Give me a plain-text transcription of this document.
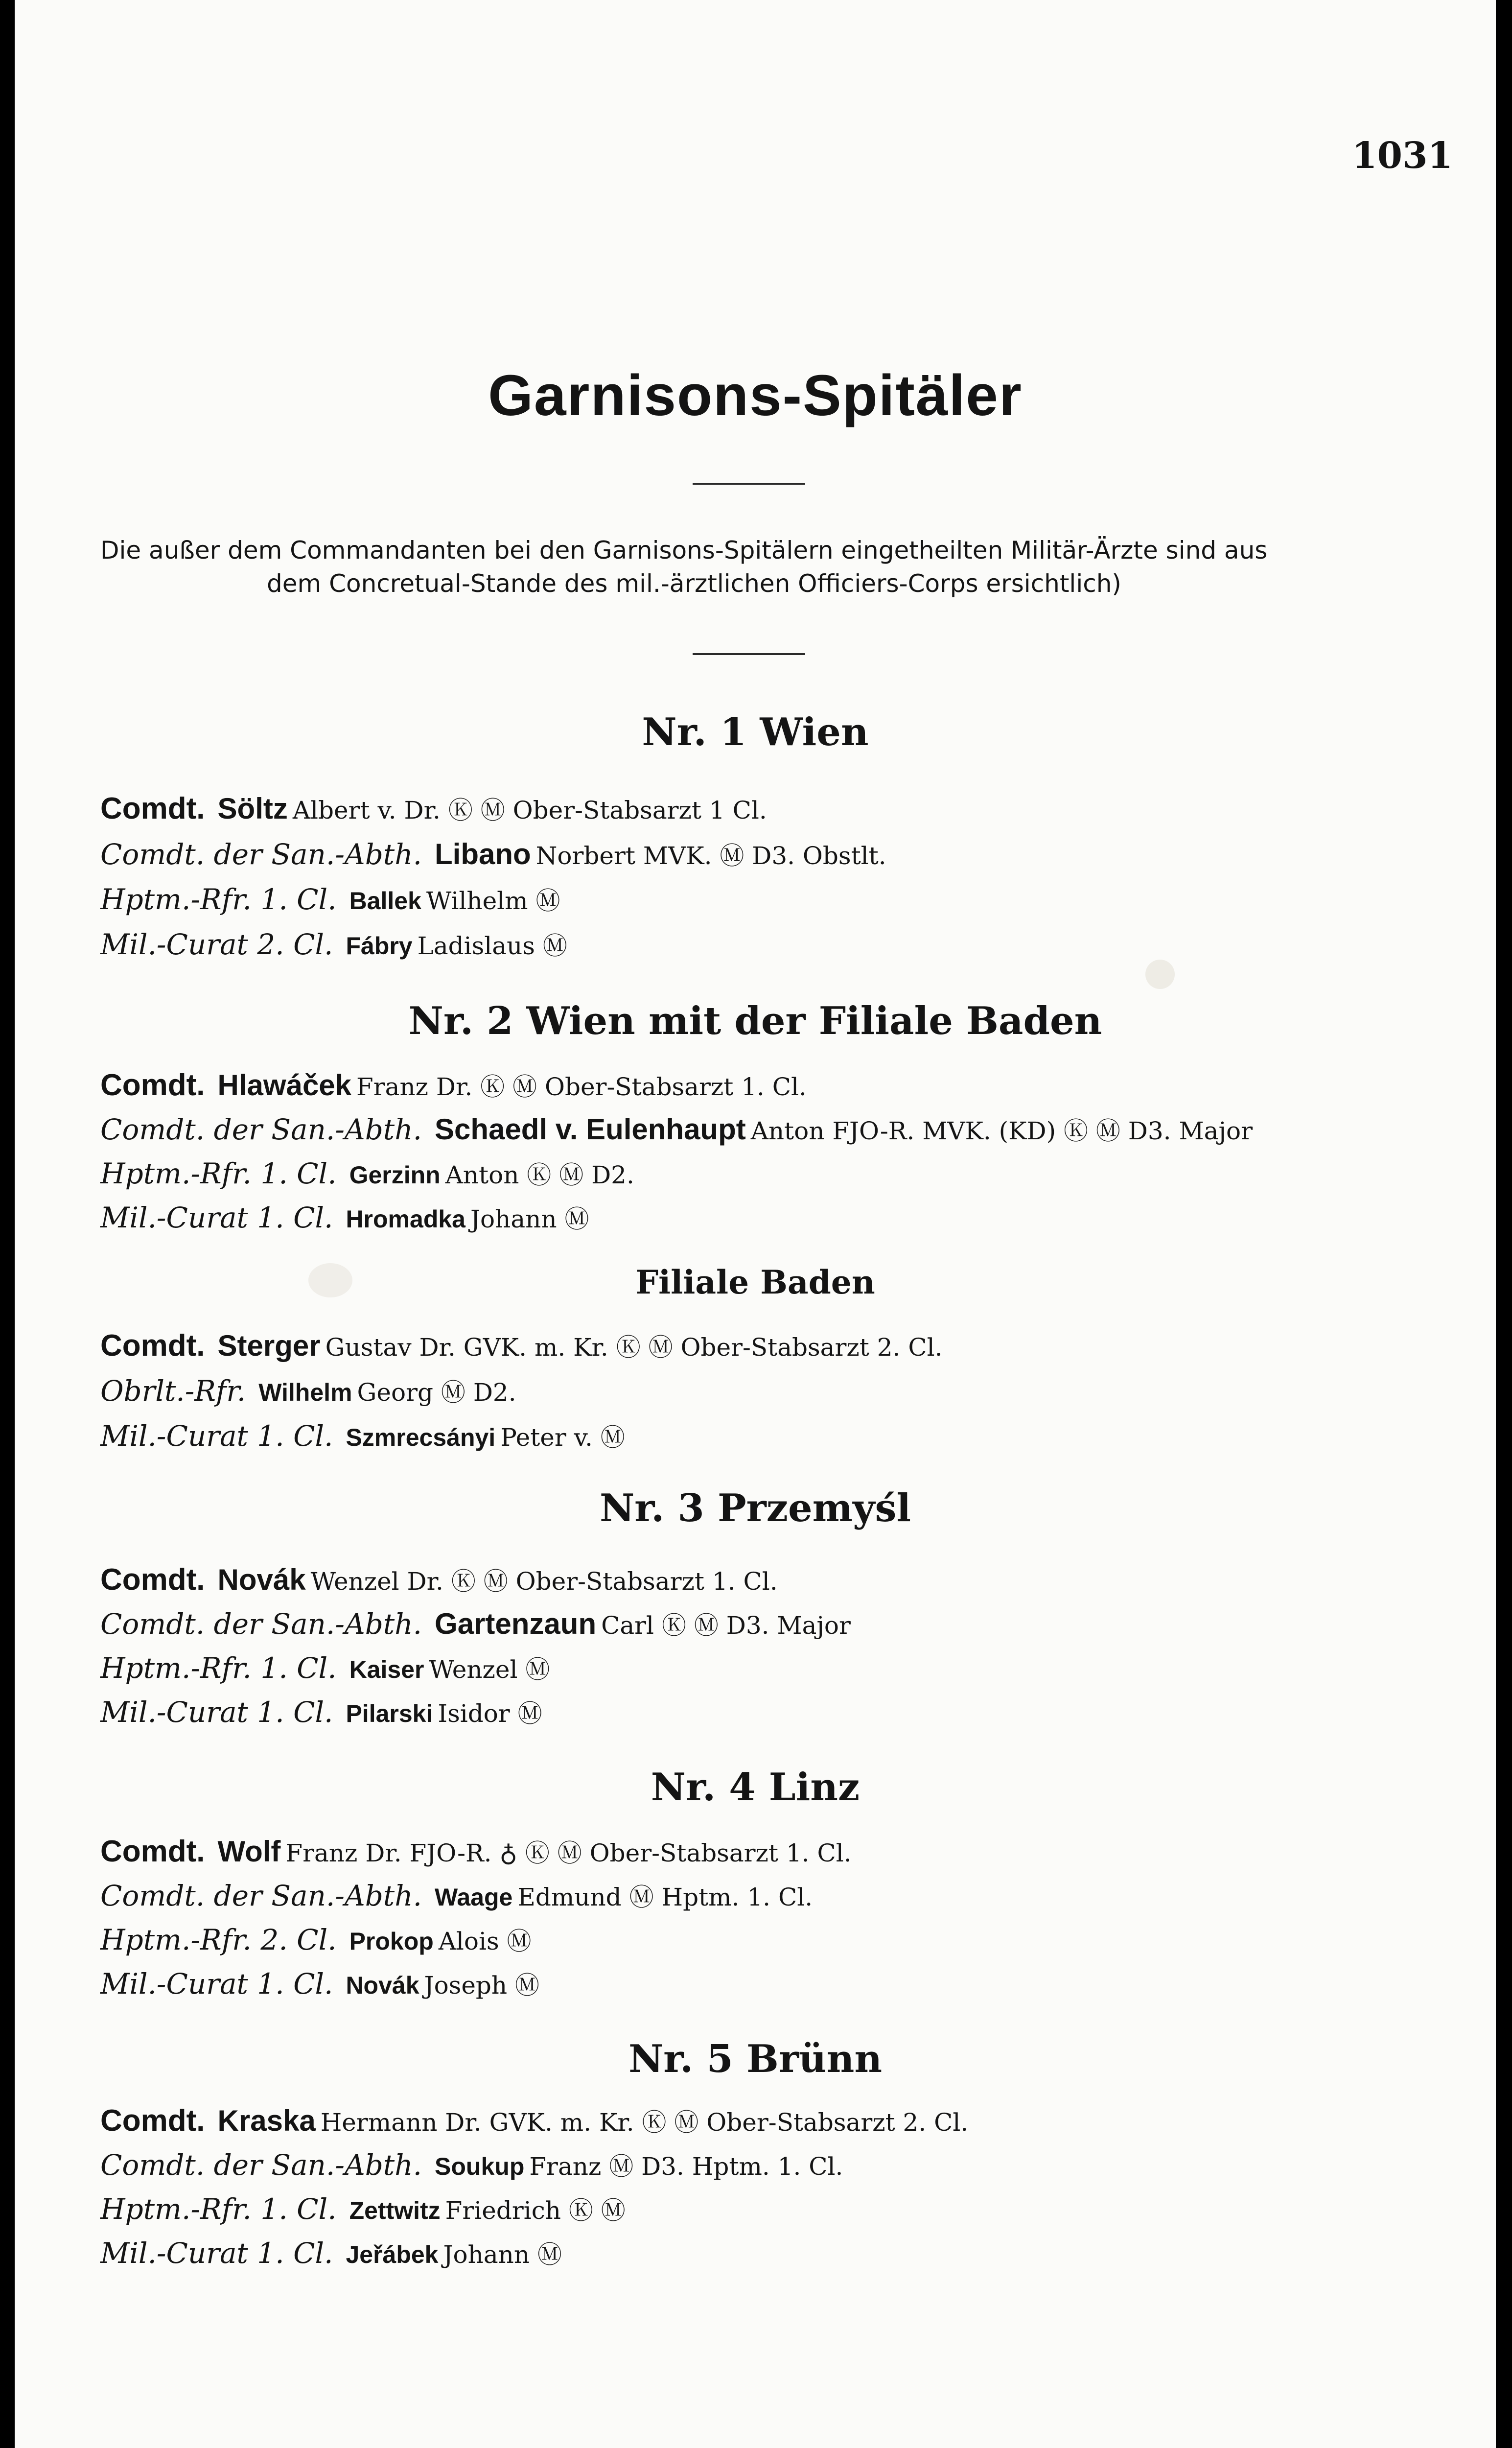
1031
Garnisons-Spitäler
Die außer dem Commandanten bei den Garnisons-Spitälern eingetheilten Militär-Ärzte sind aus
dem Concretual-Stande des mil.-ärztlichen Officiers-Corps ersichtlich)
Nr. 1 Wien
Comdt. Söltz Albert v. Dr. Ⓚ Ⓜ Ober-Stabsarzt 1 Cl.
Comdt. der San.-Abth. Libano Norbert MVK. Ⓜ D3. Obstlt.
Hptm.-Rfr. 1. Cl. Ballek Wilhelm Ⓜ
Mil.-Curat 2. Cl. Fábry Ladislaus Ⓜ
Nr. 2 Wien mit der Filiale Baden
Comdt. Hlawáček Franz Dr. Ⓚ Ⓜ Ober-Stabsarzt 1. Cl.
Comdt. der San.-Abth. Schaedl v. Eulenhaupt Anton FJO-R. MVK. (KD) Ⓚ Ⓜ D3. Major
Hptm.-Rfr. 1. Cl. Gerzinn Anton Ⓚ Ⓜ D2.
Mil.-Curat 1. Cl. Hromadka Johann Ⓜ
Filiale Baden
Comdt. Sterger Gustav Dr. GVK. m. Kr. Ⓚ Ⓜ Ober-Stabsarzt 2. Cl.
Obrlt.-Rfr. Wilhelm Georg Ⓜ D2.
Mil.-Curat 1. Cl. Szmrecsányi Peter v. Ⓜ
Nr. 3 Przemyśl
Comdt. Novák Wenzel Dr. Ⓚ Ⓜ Ober-Stabsarzt 1. Cl.
Comdt. der San.-Abth. Gartenzaun Carl Ⓚ Ⓜ D3. Major
Hptm.-Rfr. 1. Cl. Kaiser Wenzel Ⓜ
Mil.-Curat 1. Cl. Pilarski Isidor Ⓜ
Nr. 4 Linz
Comdt. Wolf Franz Dr. FJO-R. ♁ Ⓚ Ⓜ Ober-Stabsarzt 1. Cl.
Comdt. der San.-Abth. Waage Edmund Ⓜ Hptm. 1. Cl.
Hptm.-Rfr. 2. Cl. Prokop Alois Ⓜ
Mil.-Curat 1. Cl. Novák Joseph Ⓜ
Nr. 5 Brünn
Comdt. Kraska Hermann Dr. GVK. m. Kr. Ⓚ Ⓜ Ober-Stabsarzt 2. Cl.
Comdt. der San.-Abth. Soukup Franz Ⓜ D3. Hptm. 1. Cl.
Hptm.-Rfr. 1. Cl. Zettwitz Friedrich Ⓚ Ⓜ
Mil.-Curat 1. Cl. Jeřábek Johann Ⓜ
